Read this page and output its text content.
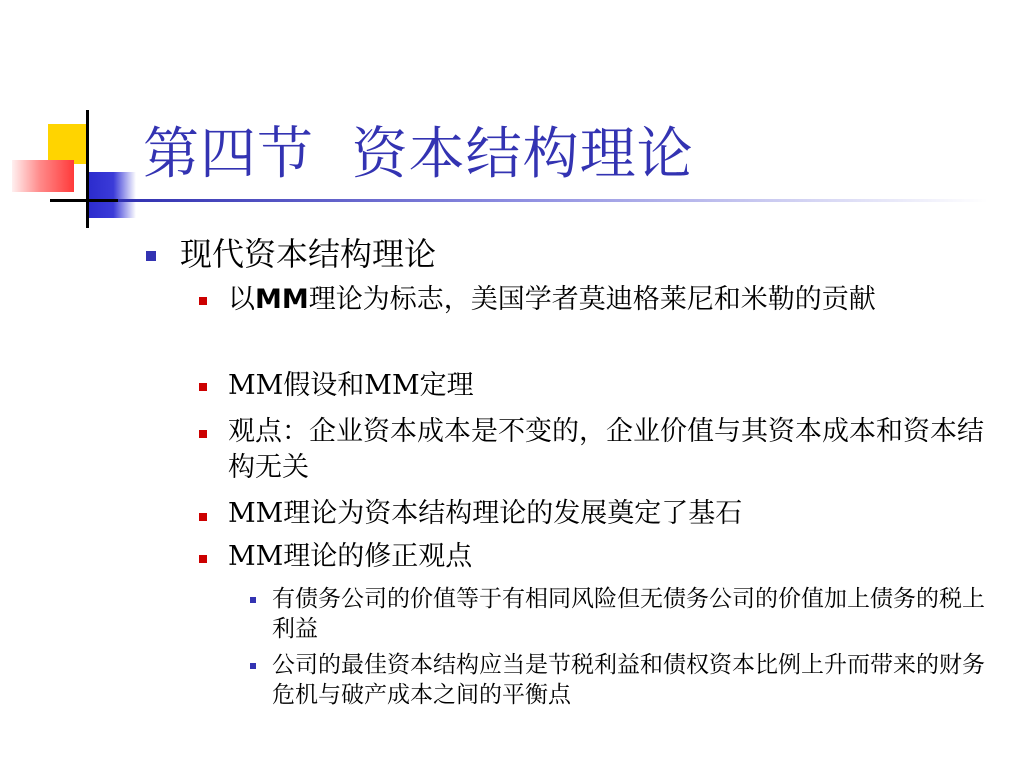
第四节  资本结构理论
现代资本结构理论
以MM理论为标志，美国学者莫迪格莱尼和米勒的贡献
MM假设和MM定理
观点：企业资本成本是不变的，企业价值与其资本成本和资本结构无关
MM理论为资本结构理论的发展奠定了基石
MM理论的修正观点
有债务公司的价值等于有相同风险但无债务公司的价值加上债务的税上利益
公司的最佳资本结构应当是节税利益和债权资本比例上升而带来的财务危机与破产成本之间的平衡点
